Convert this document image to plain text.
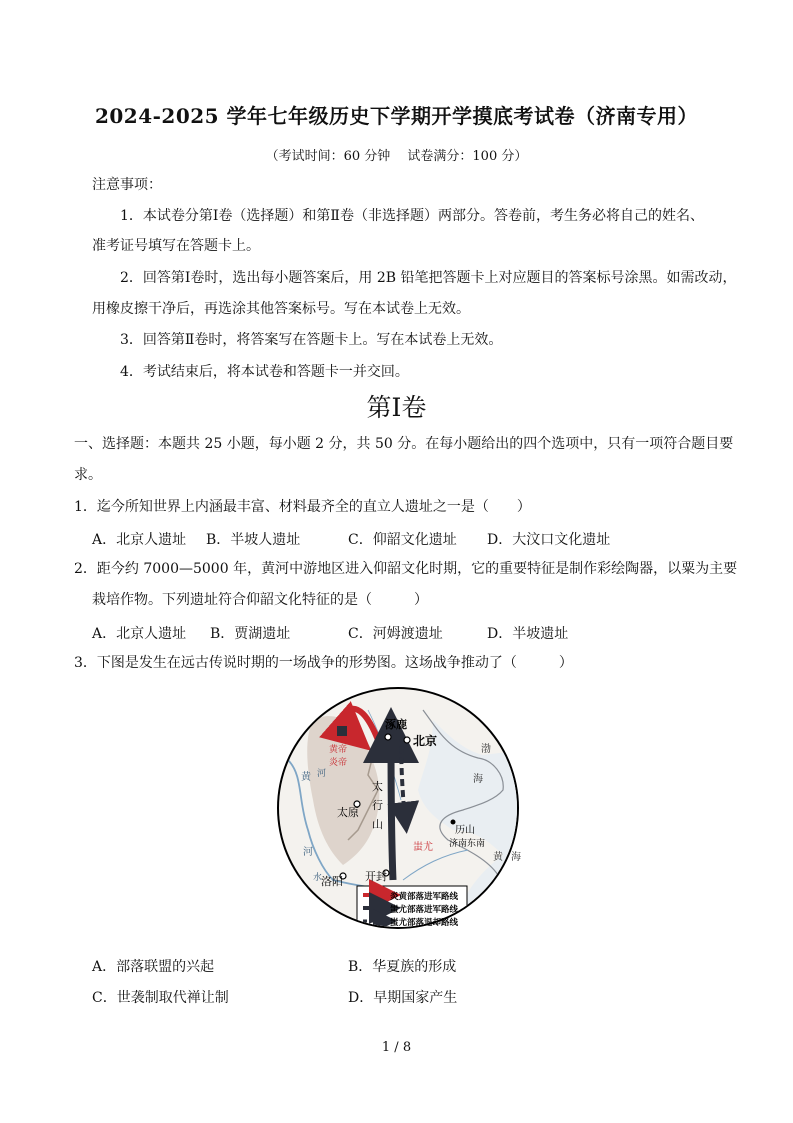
2024-2025 学年七年级历史下学期开学摸底考试卷（济南专用）
（考试时间：60 分钟　 试卷满分：100 分）
注意事项：
1．本试卷分第Ⅰ卷（选择题）和第Ⅱ卷（非选择题）两部分。答卷前，考生务必将自己的姓名、
准考证号填写在答题卡上。
2．回答第Ⅰ卷时，选出每小题答案后，用 2B 铅笔把答题卡上对应题目的答案标号涂黑。如需改动，
用橡皮擦干净后，再选涂其他答案标号。写在本试卷上无效。
3．回答第Ⅱ卷时，将答案写在答题卡上。写在本试卷上无效。
4．考试结束后，将本试卷和答题卡一并交回。
第Ⅰ卷
一、选择题：本题共 25 小题，每小题 2 分，共 50 分。在每小题给出的四个选项中，只有一项符合题目要
求。
1．迄今所知世界上内涵最丰富、材料最齐全的直立人遗址之一是（　　）
A．北京人遗址 B．半坡人遗址	C．仰韶文化遗址 D．大汶口文化遗址
2．距今约 7000—5000 年，黄河中游地区进入仰韶文化时期，它的重要特征是制作彩绘陶器，以粟为主要
栽培作物。下列遗址符合仰韶文化特征的是（　　　）
A．北京人遗址 B．贾湖遗址	C．河姆渡遗址	D．半坡遗址
3．下图是发生在远古传说时期的一场战争的形势图。这场战争推动了（　　　）
涿鹿
北京
黄帝
炎帝
黄
河
河
太原
太
行
山
渤
海
黄 海
历山
济南东南
水
洛阳 开封
蚩尤
炎黄部落进军路线
蚩尤部落进军路线
蚩尤部落退却路线
A．部落联盟的兴起	B．华夏族的形成
C．世袭制取代禅让制	D．早期国家产生
1 / 8
